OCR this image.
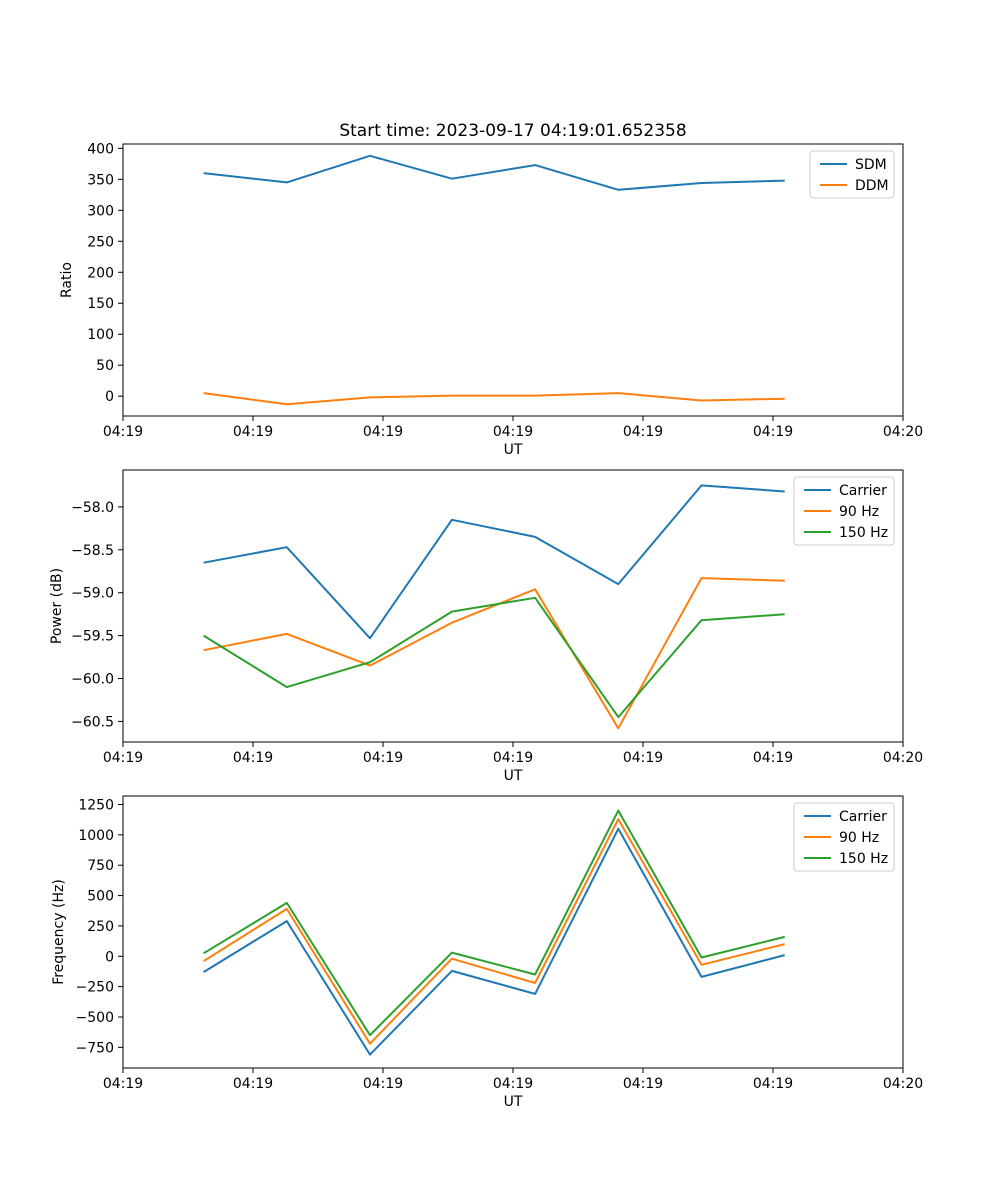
Start time: 2023-09-17 04:19:01.652358
04:19	04:19	04:19	04:19	04:19	04:19	04:20
0
50
100
150
200
250
300
350
400
UT
Ratio
SDM
DDM
04:19	04:19	04:19	04:19	04:19	04:19	04:20
−58.0
−58.5
−59.0
−59.5
−60.0
−60.5
UT
Power (dB)
Carrier
90 Hz
150 Hz
04:19	04:19	04:19	04:19	04:19	04:19	04:20
−750
−500
−250
0
250
500
750
1000
1250
UT
Frequency (Hz)
Carrier
90 Hz
150 Hz
